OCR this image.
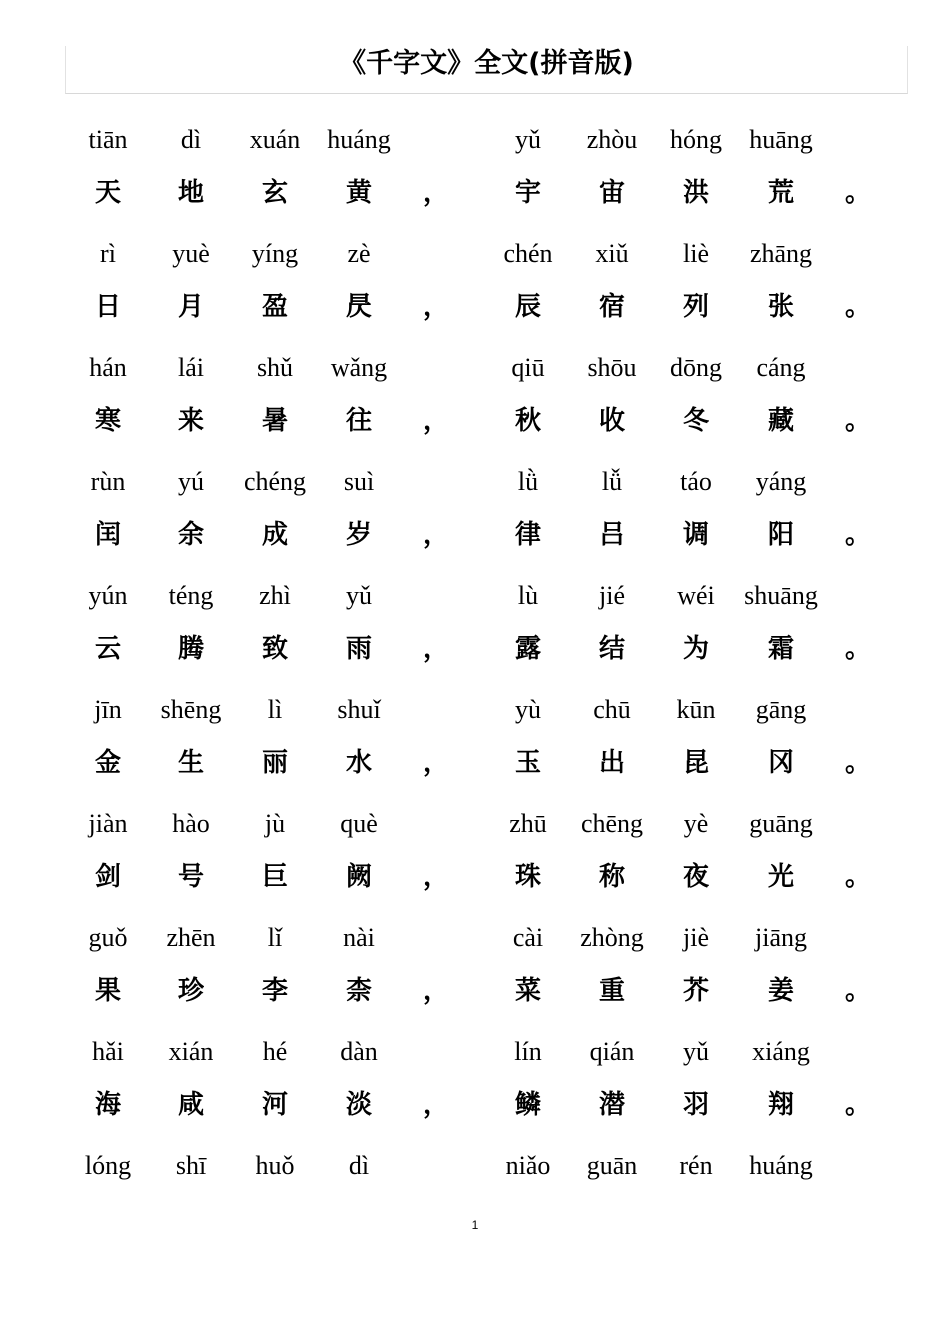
《千字文》全文(拼音版)
tiān	dì	xuán	huáng
天	地	玄	黄	，
yǔ	zhòu	hóng	huāng
宇	宙	洪	荒	。
rì	yuè	yíng	zè
日	月	盈	昃	，
chén	xiǔ	liè	zhāng
辰	宿	列	张	。
hán	lái	shǔ	wǎng
寒	来	暑	往	，
qiū	shōu	dōng	cáng
秋	收	冬	藏	。
rùn	yú	chéng	suì
闰	余	成	岁	，
lǜ	lǚ	táo	yáng
律	吕	调	阳	。
yún	téng	zhì	yǔ
云	腾	致	雨	，
lù	jié	wéi	shuāng
露	结	为	霜	。
jīn	shēng	lì	shuǐ
金	生	丽	水	，
yù	chū	kūn	gāng
玉	出	昆	冈	。
jiàn	hào	jù	què
剑	号	巨	阙	，
zhū	chēng	yè	guāng
珠	称	夜	光	。
guǒ	zhēn	lǐ	nài
果	珍	李	柰	，
cài	zhòng	jiè	jiāng
菜	重	芥	姜	。
hǎi	xián	hé	dàn
海	咸	河	淡	，
lín	qián	yǔ	xiáng
鳞	潜	羽	翔	。
lóng	shī	huǒ	dì	niǎo	guān	rén	huáng
1
